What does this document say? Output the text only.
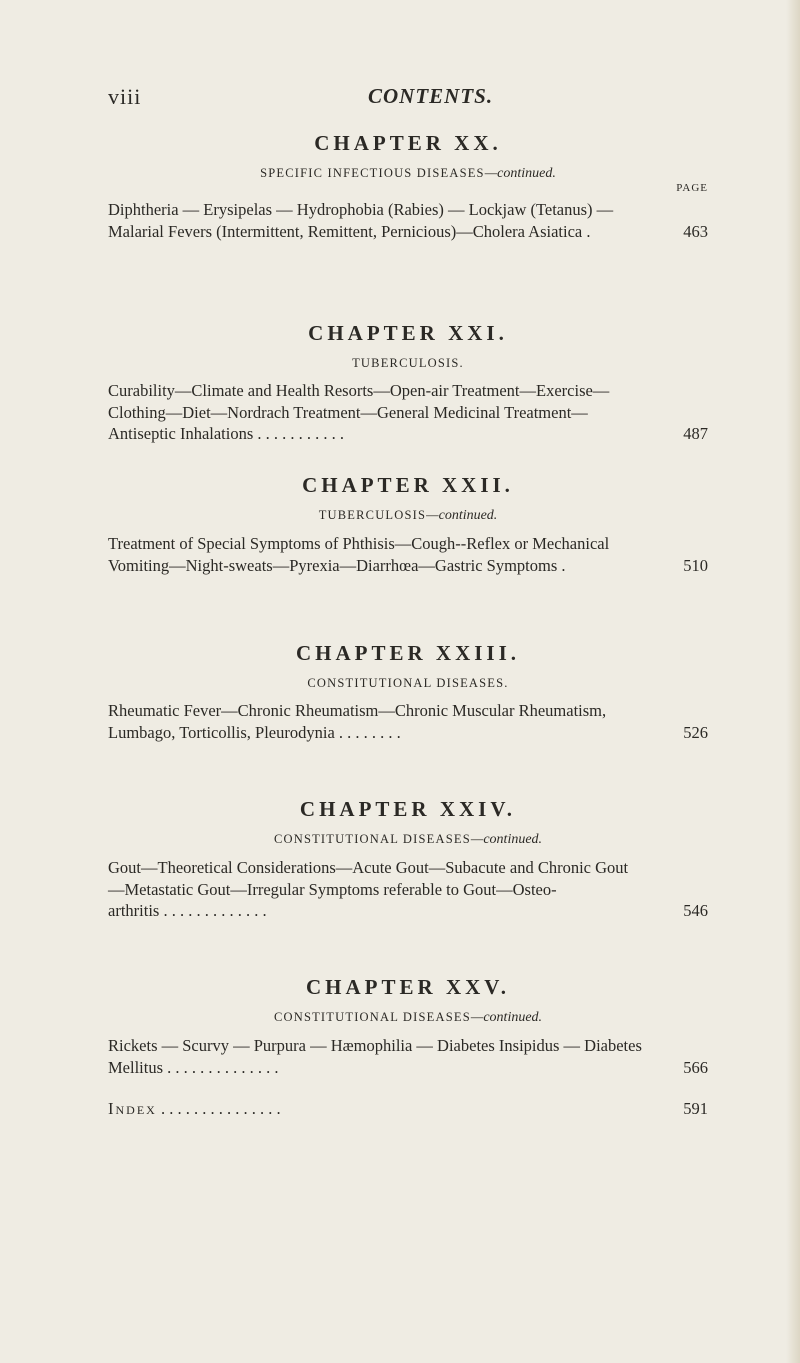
viii	CONTENTS.
CHAPTER XX.

SPECIFIC INFECTIOUS DISEASES—continued.

PAGE
Diphtheria — Erysipelas — Hydrophobia (Rabies) — Lockjaw (Tetanus) —
Malarial Fevers (Intermittent, Remittent, Pernicious)—Cholera Asiatica .	463
CHAPTER XXI.

TUBERCULOSIS.

Curability—Climate and Health Resorts—Open-air Treatment—Exercise—
Clothing—Diet—Nordrach Treatment—General Medicinal Treatment—
Antiseptic Inhalations . . . . . . . . . . .	487
CHAPTER XXII.

TUBERCULOSIS—continued.

Treatment of Special Symptoms of Phthisis—Cough--Reflex or Mechanical
Vomiting—Night-sweats—Pyrexia—Diarrhœa—Gastric Symptoms .	510
CHAPTER XXIII.

CONSTITUTIONAL DISEASES.

Rheumatic Fever—Chronic Rheumatism—Chronic Muscular Rheumatism,
Lumbago, Torticollis, Pleurodynia . . . . . . . .	526
CHAPTER XXIV.

CONSTITUTIONAL DISEASES—continued.

Gout—Theoretical Considerations—Acute Gout—Subacute and Chronic Gout
—Metastatic Gout—Irregular Symptoms referable to Gout—Osteo-
arthritis . . . . . . . . . . . . .	546
CHAPTER XXV.

CONSTITUTIONAL DISEASES—continued.

Rickets — Scurvy — Purpura — Hæmophilia — Diabetes Insipidus — Diabetes
Mellitus . . . . . . . . . . . . . .	566
Index . . . . . . . . . . . . . . .	591
